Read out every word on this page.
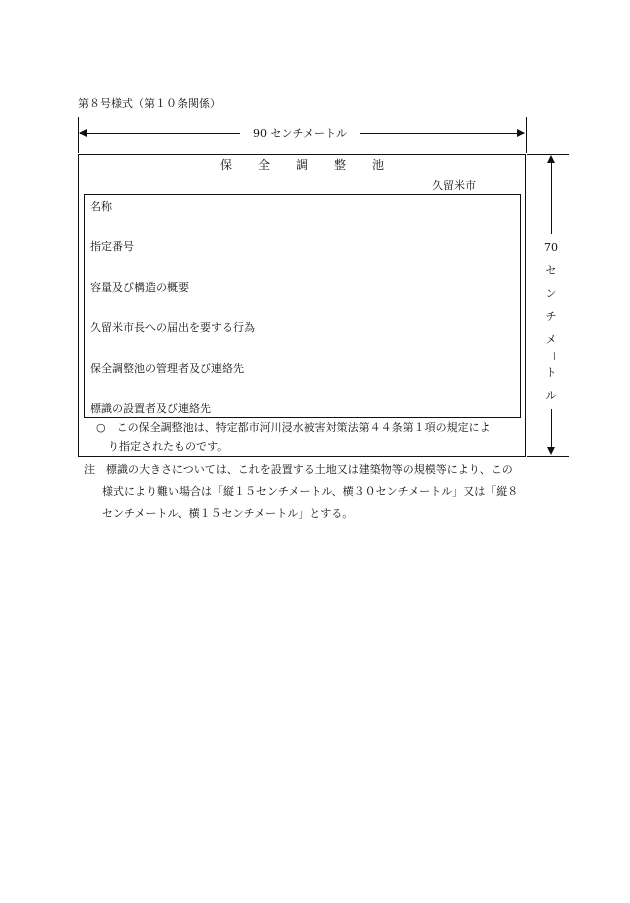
第８号様式（第１０条関係）
90 センチメートル
保全調整池
久留米市
名称
指定番号
容量及び構造の概要
久留米市長への届出を要する行為
保全調整池の管理者及び連絡先
標識の設置者及び連絡先
○　この保全調整池は、特定都市河川浸水被害対策法第４４条第１項の規定によ
り指定されたものです。
70
セ
ン
チ
メ
ー
ト
ル
注　標識の大きさについては、これを設置する土地又は建築物等の規模等により、この
様式により難い場合は「縦１５センチメートル、横３０センチメートル」又は「縦８
センチメートル、横１５センチメートル」とする。
